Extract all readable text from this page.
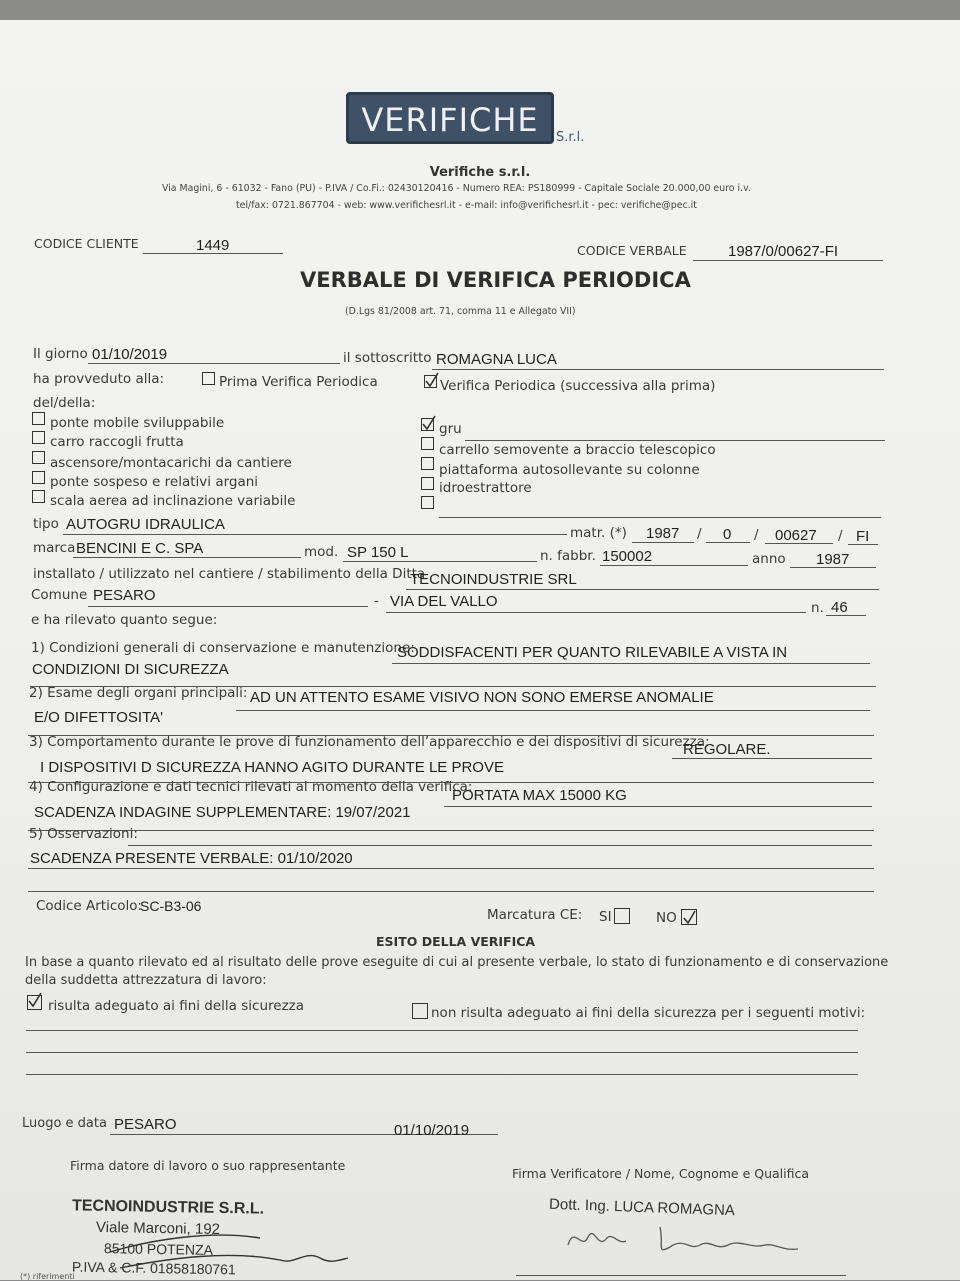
VERIFICHE	S.r.l.
Verifiche s.r.l.
Via Magini, 6 - 61032 - Fano (PU) - P.IVA / Co.Fi.: 02430120416 - Numero REA: PS180999 - Capitale Sociale 20.000,00 euro i.v.
tel/fax: 0721.867704 - web: www.verifichesrl.it - e-mail: info@verifichesrl.it - pec: verifiche@pec.it
CODICE CLIENTE	1449	CODICE VERBALE	1987/0/00627-FI
VERBALE DI VERIFICA PERIODICA
(D.Lgs 81/2008 art. 71, comma 11 e Allegato VII)
Il giorno 01/10/2019	il sottoscritto ROMAGNA LUCA
ha provveduto alla:	Prima Verifica Periodica	Verifica Periodica (successiva alla prima)
del/della:
ponte mobile sviluppabile
carro raccogli frutta
ascensore/montacarichi da cantiere
ponte sospeso e relativi argani
scala aerea ad inclinazione variabile
gru
carrello semovente a braccio telescopico
piattaforma autosollevante su colonne
idroestrattore
tipo AUTOGRU IDRAULICA	matr. (*) 1987 / 0 / 00627 / FI
marca BENCINI E C. SPA	mod. SP 150 L	n. fabbr. 150002	anno 1987
installato / utilizzato nel cantiere / stabilimento della Ditta
TECNOINDUSTRIE SRL
Comune PESARO	- VIA DEL VALLO	n. 46
e ha rilevato quanto segue:
1) Condizioni generali di conservazione e manutenzione:
SODDISFACENTI PER QUANTO RILEVABILE A VISTA IN
CONDIZIONI DI SICUREZZA
2) Esame degli organi principali: AD UN ATTENTO ESAME VISIVO NON SONO EMERSE ANOMALIE
E/O DIFETTOSITA'
3) Comportamento durante le prove di funzionamento dell’apparecchio e dei dispositivi di sicurezza:
REGOLARE.
I DISPOSITIVI D SICUREZZA HANNO AGITO DURANTE LE PROVE
4) Configurazione e dati tecnici rilevati al momento della verifica:
PORTATA MAX 15000 KG
SCADENZA INDAGINE SUPPLEMENTARE: 19/07/2021
5) Osservazioni:
SCADENZA PRESENTE VERBALE: 01/10/2020
Codice Articolo:
SC-B3-06
Marcatura CE: SI	NO
ESITO DELLA VERIFICA
In base a quanto rilevato ed al risultato delle prove eseguite di cui al presente verbale, lo stato di funzionamento e di conservazione
della suddetta attrezzatura di lavoro:
risulta adeguato ai fini della sicurezza	non risulta adeguato ai fini della sicurezza per i seguenti motivi:
Luogo e data PESARO	01/10/2019
Firma datore di lavoro o suo rappresentante
Firma Verificatore / Nome, Cognome e Qualifica
TECNOINDUSTRIE S.R.L.
Viale Marconi, 192
85100 POTENZA
P.IVA & C.F. 01858180761
(*) riferimenti
Dott. Ing. LUCA ROMAGNA
